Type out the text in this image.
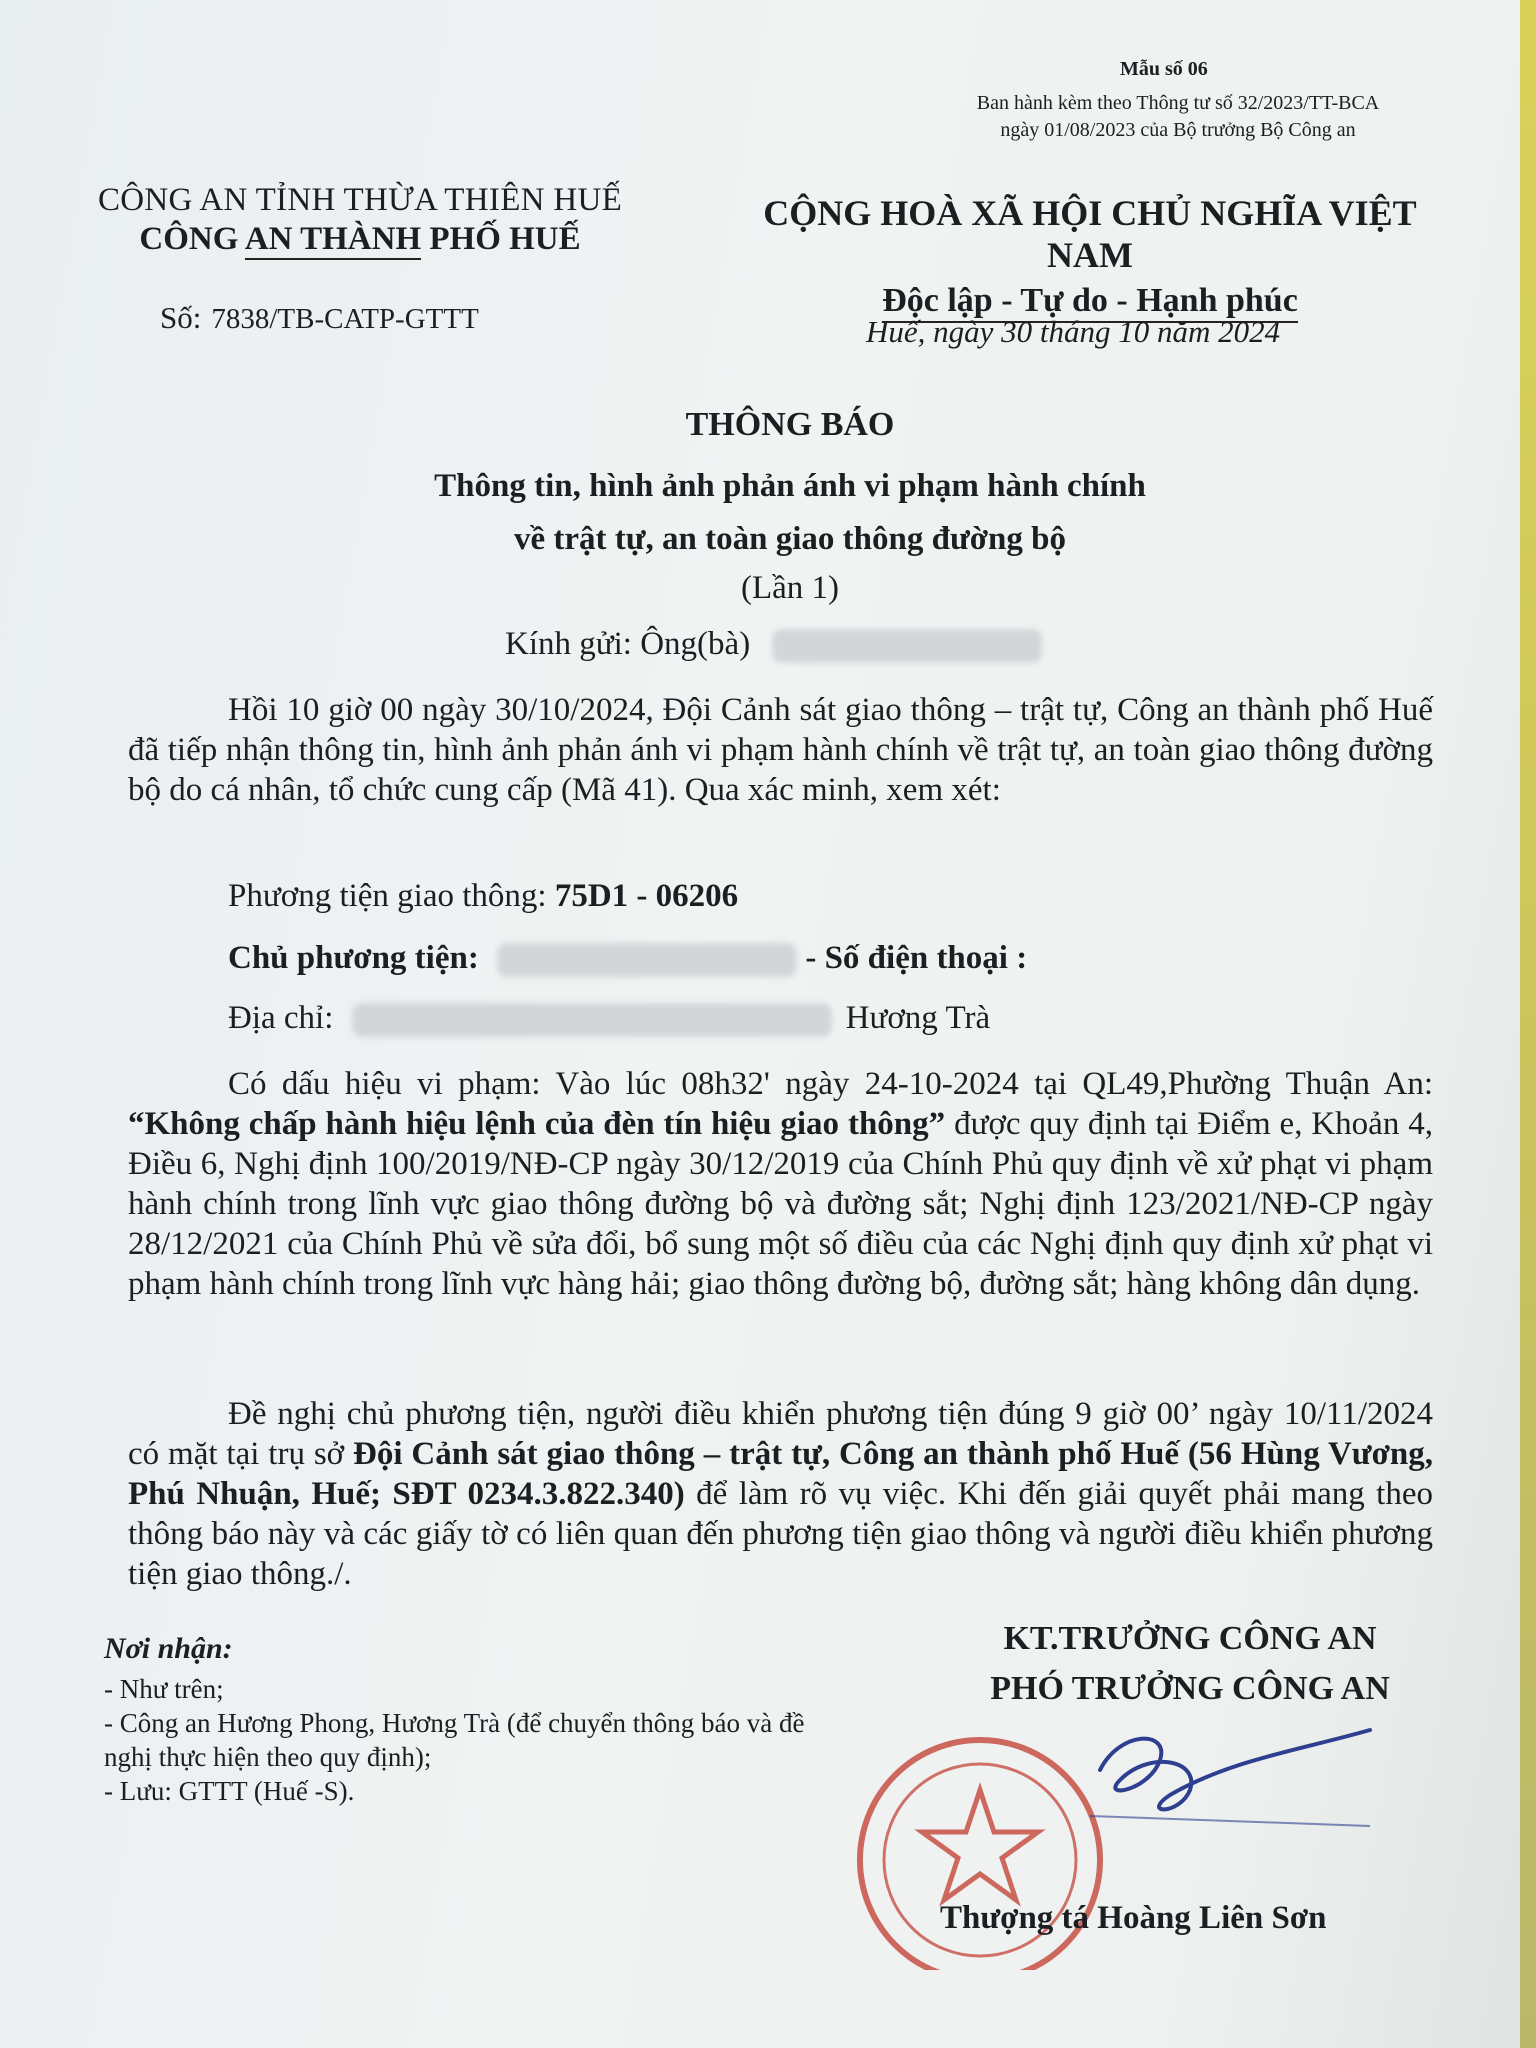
Mẫu số 06
Ban hành kèm theo Thông tư số 32/2023/TT-BCA
ngày 01/08/2023 của Bộ trưởng Bộ Công an
CÔNG AN TỈNH THỪA THIÊN HUẾ
CÔNG AN THÀNH PHỐ HUẾ
CỘNG HOÀ XÃ HỘI CHỦ NGHĨA VIỆT NAM
Độc lập - Tự do - Hạnh phúc
Số: 7838/TB-CATP-GTTT	Huế, ngày 30 tháng 10 năm 2024
THÔNG BÁO
Thông tin, hình ảnh phản ánh vi phạm hành chính
về trật tự, an toàn giao thông đường bộ
(Lần 1)
Kính gửi: Ông(bà)
Hồi 10 giờ 00 ngày 30/10/2024, Đội Cảnh sát giao thông – trật tự, Công an thành phố Huế đã tiếp nhận thông tin, hình ảnh phản ánh vi phạm hành chính về trật tự, an toàn giao thông đường bộ do cá nhân, tổ chức cung cấp (Mã 41). Qua xác minh, xem xét:
Phương tiện giao thông: 75D1 - 06206
Chủ phương tiện:	- Số điện thoại :
Địa chỉ:	Hương Trà
Có dấu hiệu vi phạm: Vào lúc 08h32' ngày 24-10-2024 tại QL49,Phường Thuận An: “Không chấp hành hiệu lệnh của đèn tín hiệu giao thông” được quy định tại Điểm e, Khoản 4, Điều 6, Nghị định 100/2019/NĐ-CP ngày 30/12/2019 của Chính Phủ quy định về xử phạt vi phạm hành chính trong lĩnh vực giao thông đường bộ và đường sắt; Nghị định 123/2021/NĐ-CP ngày 28/12/2021 của Chính Phủ về sửa đổi, bổ sung một số điều của các Nghị định quy định xử phạt vi phạm hành chính trong lĩnh vực hàng hải; giao thông đường bộ, đường sắt; hàng không dân dụng.
Đề nghị chủ phương tiện, người điều khiển phương tiện đúng 9 giờ 00’ ngày 10/11/2024 có mặt tại trụ sở Đội Cảnh sát giao thông – trật tự, Công an thành phố Huế (56 Hùng Vương, Phú Nhuận, Huế; SĐT 0234.3.822.340) để làm rõ vụ việc. Khi đến giải quyết phải mang theo thông báo này và các giấy tờ có liên quan đến phương tiện giao thông và người điều khiển phương tiện giao thông./.
Nơi nhận:
- Như trên;
- Công an Hương Phong, Hương Trà (để chuyển thông báo và đề nghị thực hiện theo quy định);
- Lưu: GTTT (Huế -S).
KT.TRƯỞNG CÔNG AN
PHÓ TRƯỞNG CÔNG AN
Thượng tá Hoàng Liên Sơn
